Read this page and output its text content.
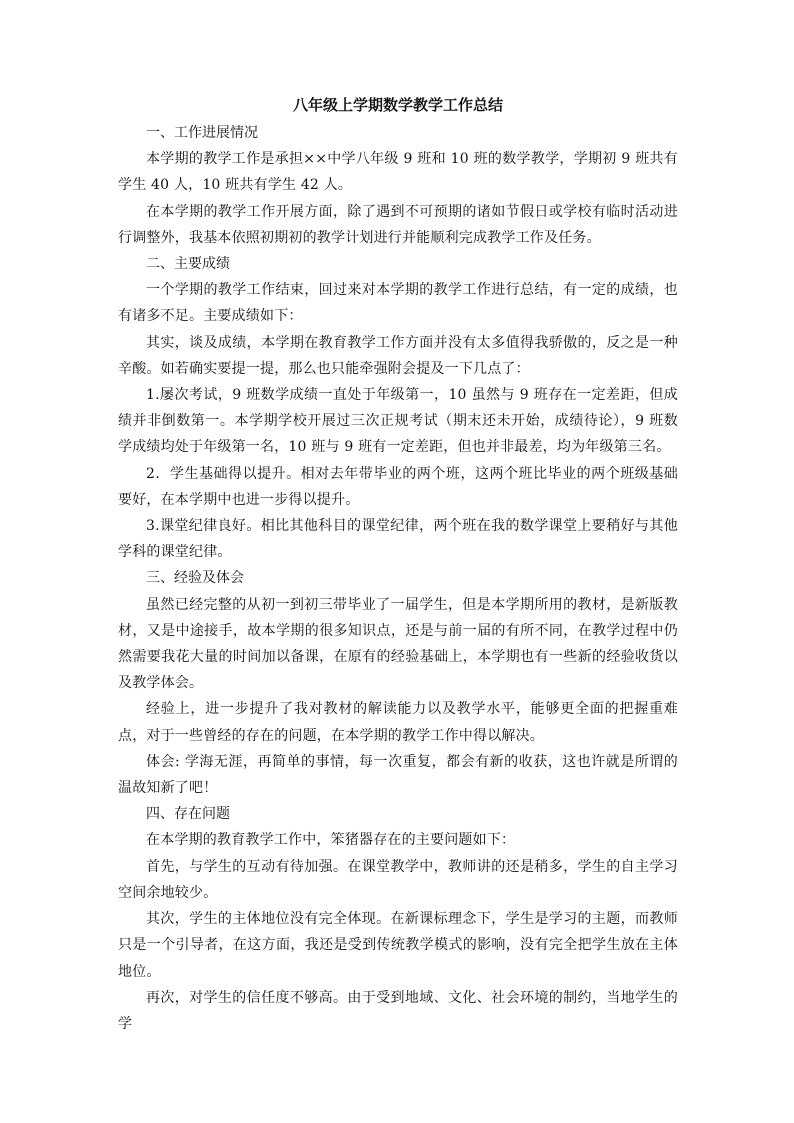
八年级上学期数学教学工作总结
一、工作进展情况

本学期的教学工作是承担××中学八年级 9 班和 10 班的数学教学，学期初 9 班共有学生 40 人，10 班共有学生 42 人。

在本学期的教学工作开展方面，除了遇到不可预期的诸如节假日或学校有临时活动进行调整外，我基本依照初期初的教学计划进行并能顺利完成教学工作及任务。

二、主要成绩

一个学期的教学工作结束，回过来对本学期的教学工作进行总结，有一定的成绩，也有诸多不足。主要成绩如下：

其实，谈及成绩，本学期在教育教学工作方面并没有太多值得我骄傲的，反之是一种辛酸。如若确实要提一提，那么也只能牵强附会提及一下几点了：

1.屡次考试，9 班数学成绩一直处于年级第一，10 虽然与 9 班存在一定差距，但成绩并非倒数第一。本学期学校开展过三次正规考试（期末还未开始，成绩待论），9 班数学成绩均处于年级第一名，10 班与 9 班有一定差距，但也并非最差，均为年级第三名。

2．学生基础得以提升。相对去年带毕业的两个班，这两个班比毕业的两个班级基础要好，在本学期中也进一步得以提升。

3.课堂纪律良好。相比其他科目的课堂纪律，两个班在我的数学课堂上要稍好与其他学科的课堂纪律。

三、经验及体会

虽然已经完整的从初一到初三带毕业了一届学生，但是本学期所用的教材，是新版教材，又是中途接手，故本学期的很多知识点，还是与前一届的有所不同，在教学过程中仍然需要我花大量的时间加以备课，在原有的经验基础上，本学期也有一些新的经验收货以及教学体会。

经验上，进一步提升了我对教材的解读能力以及教学水平，能够更全面的把握重难点，对于一些曾经的存在的问题，在本学期的教学工作中得以解决。

体会: 学海无涯，再简单的事情，每一次重复，都会有新的收获，这也许就是所谓的温故知新了吧！

四、存在问题

在本学期的教育教学工作中，笨猪器存在的主要问题如下：

首先，与学生的互动有待加强。在课堂教学中，教师讲的还是稍多，学生的自主学习空间余地较少。

其次，学生的主体地位没有完全体现。在新课标理念下，学生是学习的主题，而教师只是一个引导者，在这方面，我还是受到传统教学模式的影响，没有完全把学生放在主体地位。

再次，对学生的信任度不够高。由于受到地域、文化、社会环境的制约，当地学生的学
